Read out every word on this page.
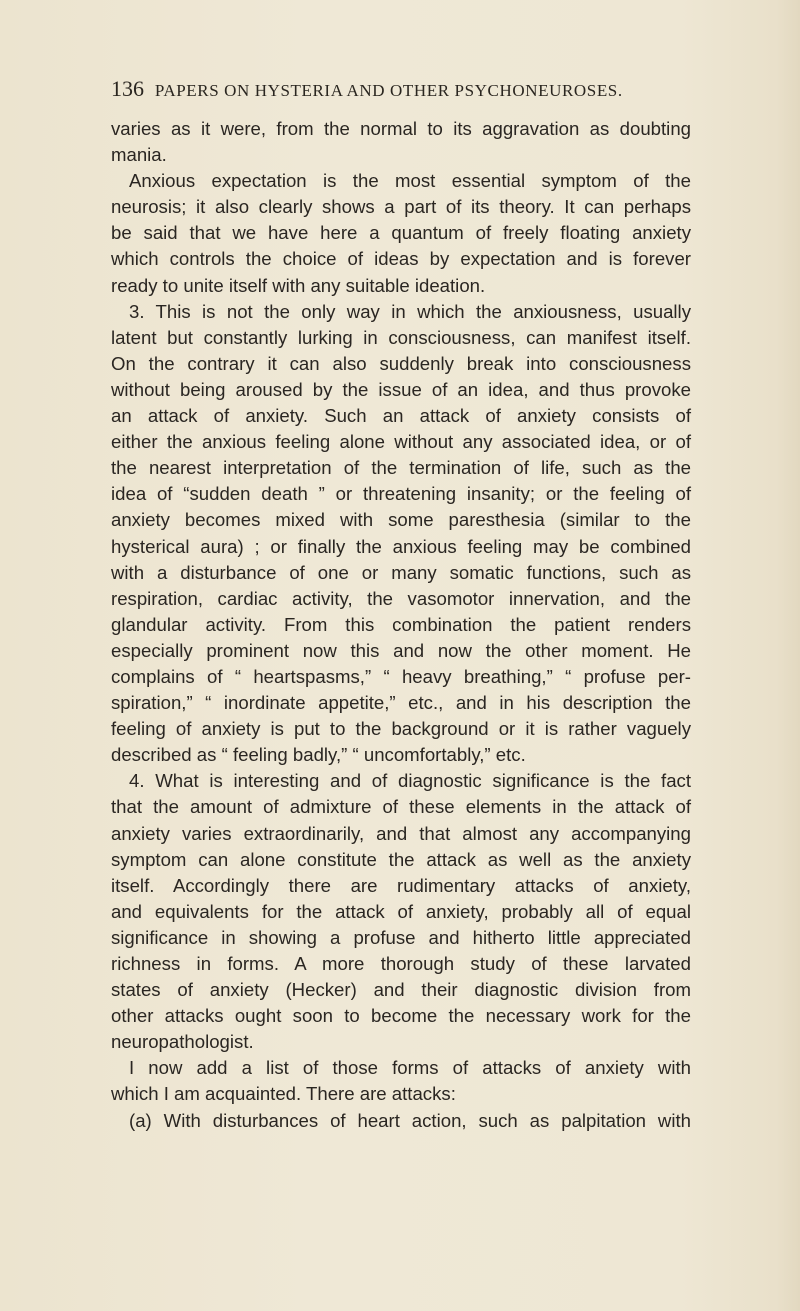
136 PAPERS ON HYSTERIA AND OTHER PSYCHONEUROSES.
varies as it were, from the normal to its aggravation as doubting
mania.
Anxious expectation is the most essential symptom of the
neurosis; it also clearly shows a part of its theory. It can perhaps
be said that we have here a quantum of freely floating anxiety
which controls the choice of ideas by expectation and is forever
ready to unite itself with any suitable ideation.
3. This is not the only way in which the anxiousness, usually
latent but constantly lurking in consciousness, can manifest itself.
On the contrary it can also suddenly break into consciousness
without being aroused by the issue of an idea, and thus provoke
an attack of anxiety. Such an attack of anxiety consists of
either the anxious feeling alone without any associated idea, or of
the nearest interpretation of the termination of life, such as the
idea of “sudden death ” or threatening insanity; or the feeling of
anxiety becomes mixed with some paresthesia (similar to the
hysterical aura) ; or finally the anxious feeling may be combined
with a disturbance of one or many somatic functions, such as
respiration, cardiac activity, the vasomotor innervation, and the
glandular activity. From this combination the patient renders
especially prominent now this and now the other moment. He
complains of “ heartspasms,” “ heavy breathing,” “ profuse per-
spiration,” “ inordinate appetite,” etc., and in his description the
feeling of anxiety is put to the background or it is rather vaguely
described as “ feeling badly,” “ uncomfortably,” etc.
4. What is interesting and of diagnostic significance is the fact
that the amount of admixture of these elements in the attack of
anxiety varies extraordinarily, and that almost any accompanying
symptom can alone constitute the attack as well as the anxiety
itself. Accordingly there are rudimentary attacks of anxiety,
and equivalents for the attack of anxiety, probably all of equal
significance in showing a profuse and hitherto little appreciated
richness in forms. A more thorough study of these larvated
states of anxiety (Hecker) and their diagnostic division from
other attacks ought soon to become the necessary work for the
neuropathologist.
I now add a list of those forms of attacks of anxiety with
which I am acquainted. There are attacks:
(a) With disturbances of heart action, such as palpitation with
